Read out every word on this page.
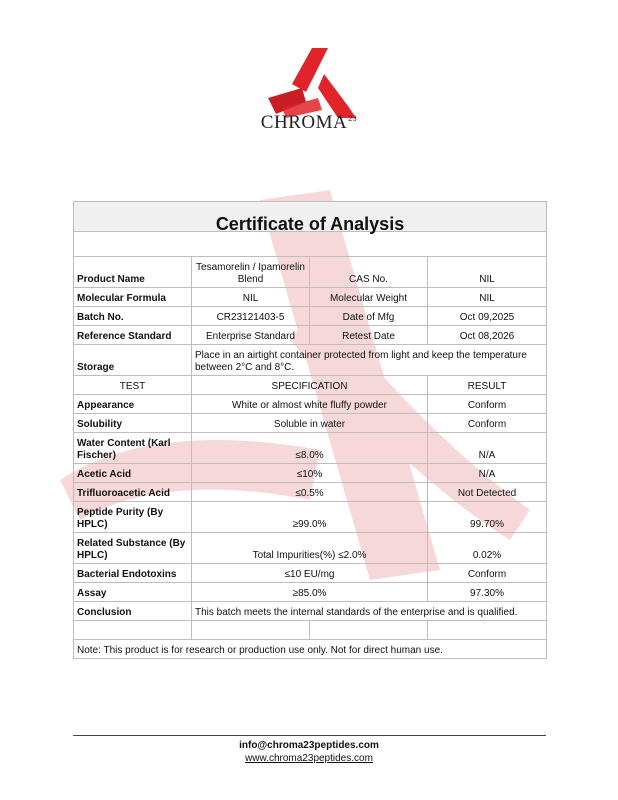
CHROMA$^{23}$
Certificate of Analysis			

Product Name	Tesamorelin / Ipamorelin Blend	CAS No.	NIL
Molecular Formula	NIL	Molecular Weight	NIL
Batch No.	CR23121403-5	Date of Mfg	Oct 09,2025
Reference Standard	Enterprise Standard	Retest Date	Oct 08,2026
Storage	Place in an airtight container protected from light and keep the temperature between 2°C and 8°C.		
TEST	SPECIFICATION		RESULT
Appearance	White or almost white fluffy powder		Conform
Solubility	Soluble in water		Conform
Water Content (Karl Fischer)	≤8.0%		N/A
Acetic Acid	≤10%		N/A
Trifluoroacetic Acid	≤0.5%		Not Detected
Peptide Purity (By HPLC)	≥99.0%		99.70%
Related Substance (By HPLC)	Total Impurities(%) ≤2.0%		0.02%
Bacterial Endotoxins	≤10 EU/mg		Conform
Assay	≥85.0%		97.30%
Conclusion	This batch meets the internal standards of the enterprise and is qualified.		

Note: This product is for research or production use only. Not for direct human use.			
info@chroma23peptides.com
www.chroma23peptides.com
